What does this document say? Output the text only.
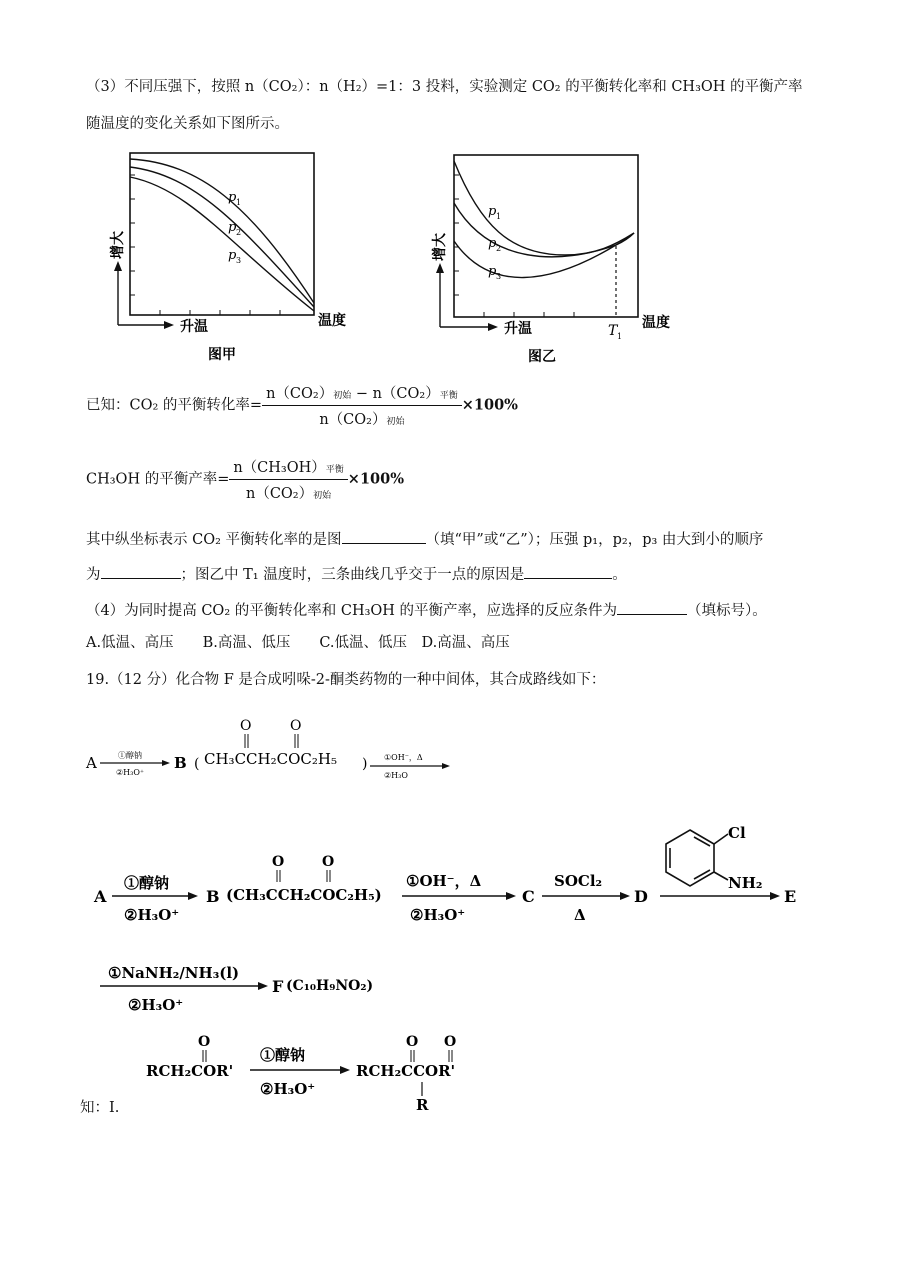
（3）不同压强下，按照 n（CO₂）：n（H₂）=1：3 投料，实验测定 CO₂ 的平衡转化率和 CH₃OH 的平衡产率
随温度的变化关系如下图所示。
增大
升温	温度
图甲
p 1
p 2
p 3	增大
升温	T 1
温度
图乙
p 1
p 2
p 3
已知：CO₂ 的平衡转化率= $\frac{\text{n（CO₂）初始 − n（CO₂）平衡}}{\text{n（CO₂）初始}} \times 100\%$
CH₃OH 的平衡产率= $\frac{\text{n（CH₃OH）平衡}}{\text{n（CO₂）初始}} \times 100\%$
其中纵坐标表示 CO₂ 平衡转化率的是图	（填“甲”或“乙”）；压强 p₁，p₂，p₃ 由大到小的顺序
为	；图乙中 T₁ 温度时，三条曲线几乎交于一点的原因是	。
（4）为同时提高 CO₂ 的平衡转化率和 CH₃OH 的平衡产率，应选择的反应条件为	（填标号）。
A.低温、高压　　B.高温、低压　　C.低温、低压　D.高温、高压
19.（12 分）化合物 F 是合成吲哚-2-酮类药物的一种中间体，其合成路线如下：
A	①醇钠
②H₃O⁺
B (
O	O
CH₃CCH₂COC₂H₅ ) ①OH⁻，Δ
②H₃O
A
①醇钠
②H₃O⁺
B
O	O
(CH₃CCH₂COC₂H₅)
①OH⁻，Δ
②H₃O⁺
C
SOCl₂
Δ
D
Cl
NH₂
E
①NaNH₂/NH₃(l)
②H₃O⁺
F (C₁₀H₉NO₂)
O
RCH₂COR'
①醇钠
②H₃O⁺
O O
RCH₂CCOR'
R
知：Ⅰ.
